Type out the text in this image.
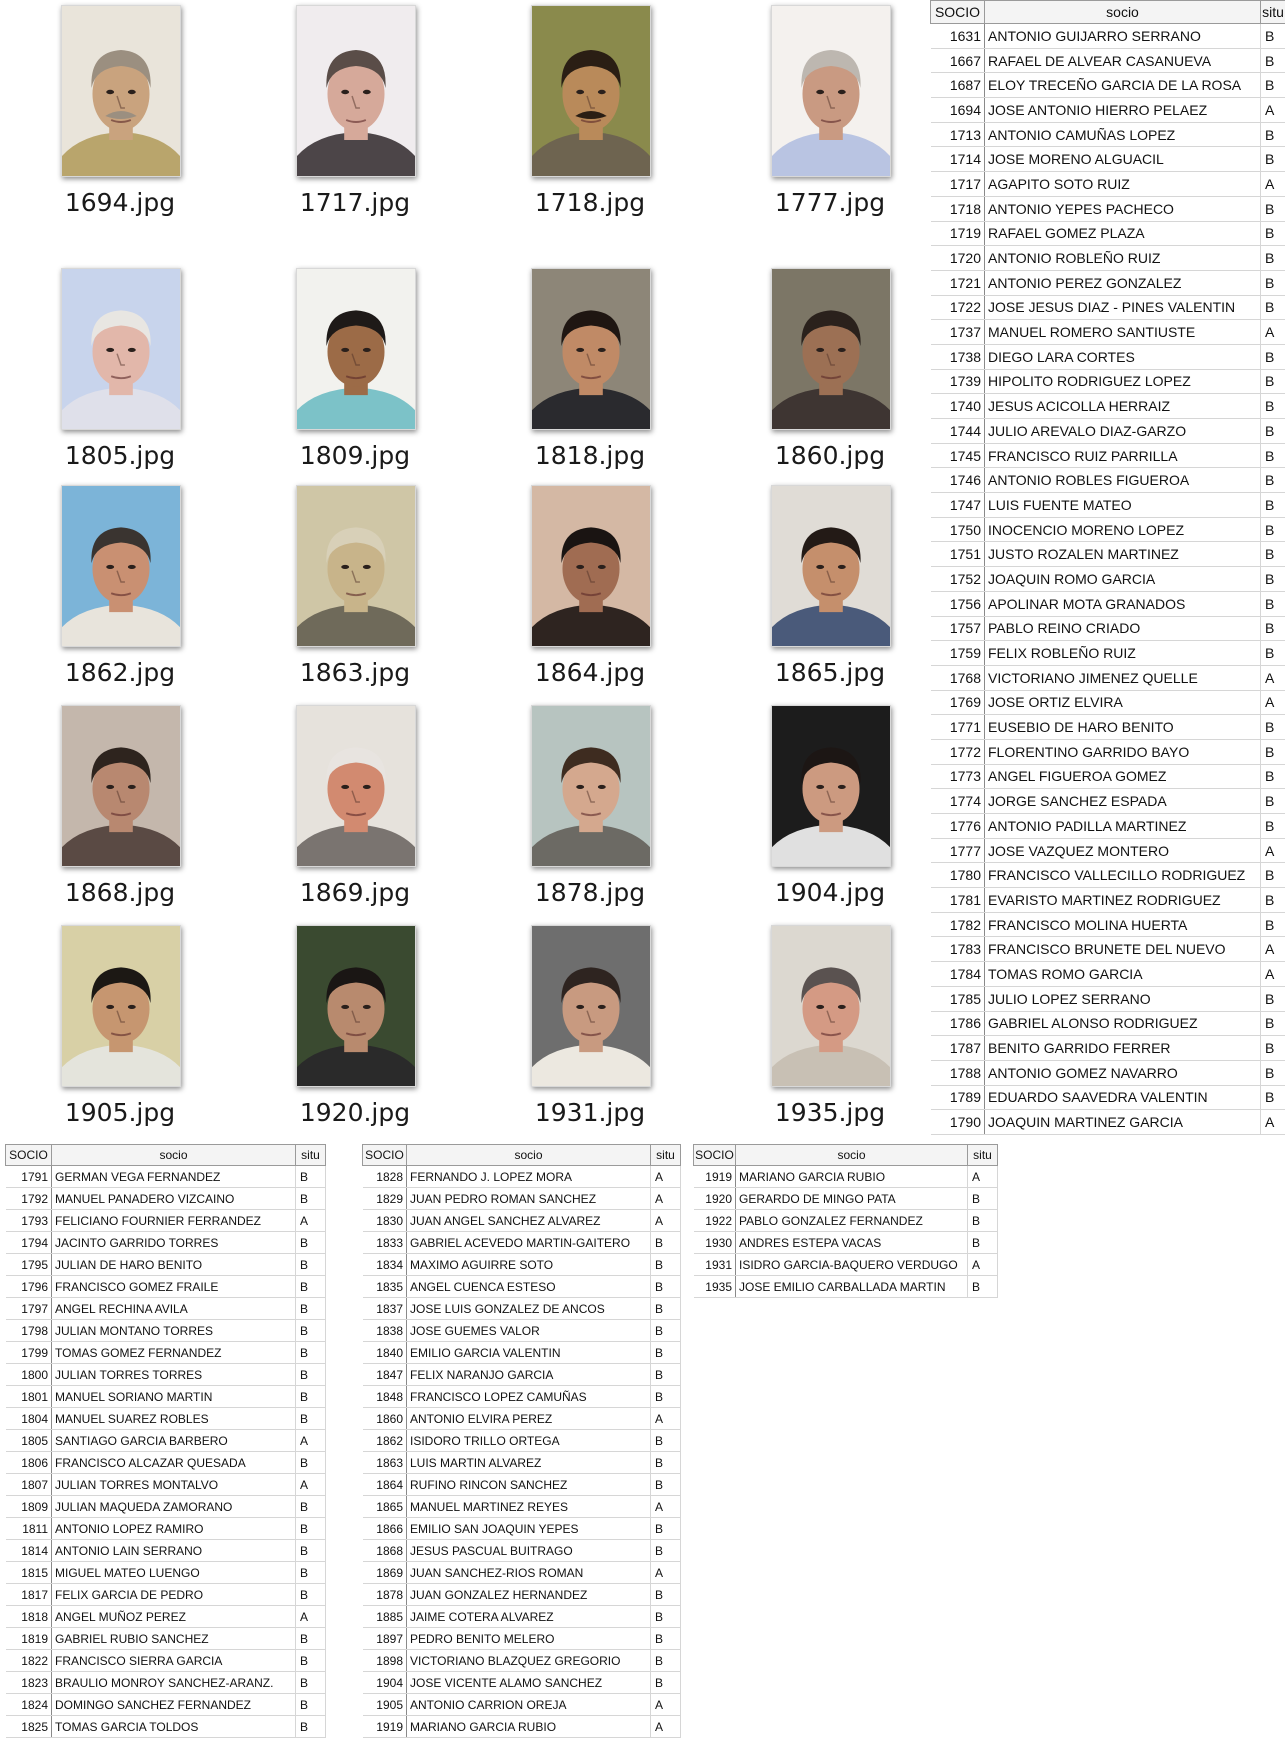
1694.jpg	1717.jpg	1718.jpg	1777.jpg
1805.jpg	1809.jpg	1818.jpg	1860.jpg
1862.jpg	1863.jpg	1864.jpg	1865.jpg
1868.jpg	1869.jpg	1878.jpg	1904.jpg
1905.jpg	1920.jpg	1931.jpg	1935.jpg
SOCIO	socio	situ
1631	ANTONIO GUIJARRO SERRANO	B
1667	RAFAEL DE ALVEAR CASANUEVA	B
1687	ELOY TRECEÑO GARCIA DE LA ROSA	B
1694	JOSE ANTONIO HIERRO PELAEZ	A
1713	ANTONIO CAMUÑAS LOPEZ	B
1714	JOSE MORENO ALGUACIL	B
1717	AGAPITO SOTO RUIZ	A
1718	ANTONIO YEPES PACHECO	B
1719	RAFAEL GOMEZ PLAZA	B
1720	ANTONIO ROBLEÑO RUIZ	B
1721	ANTONIO PEREZ GONZALEZ	B
1722	JOSE JESUS DIAZ - PINES VALENTIN	B
1737	MANUEL ROMERO SANTIUSTE	A
1738	DIEGO LARA CORTES	B
1739	HIPOLITO RODRIGUEZ LOPEZ	B
1740	JESUS ACICOLLA HERRAIZ	B
1744	JULIO AREVALO DIAZ-GARZO	B
1745	FRANCISCO RUIZ PARRILLA	B
1746	ANTONIO ROBLES FIGUEROA	B
1747	LUIS FUENTE MATEO	B
1750	INOCENCIO MORENO LOPEZ	B
1751	JUSTO ROZALEN MARTINEZ	B
1752	JOAQUIN ROMO GARCIA	B
1756	APOLINAR MOTA GRANADOS	B
1757	PABLO REINO CRIADO	B
1759	FELIX ROBLEÑO RUIZ	B
1768	VICTORIANO JIMENEZ QUELLE	A
1769	JOSE ORTIZ ELVIRA	A
1771	EUSEBIO DE HARO BENITO	B
1772	FLORENTINO GARRIDO BAYO	B
1773	ANGEL FIGUEROA GOMEZ	B
1774	JORGE SANCHEZ ESPADA	B
1776	ANTONIO PADILLA MARTINEZ	B
1777	JOSE VAZQUEZ MONTERO	A
1780	FRANCISCO VALLECILLO RODRIGUEZ	B
1781	EVARISTO MARTINEZ RODRIGUEZ	B
1782	FRANCISCO MOLINA HUERTA	B
1783	FRANCISCO BRUNETE DEL NUEVO	A
1784	TOMAS ROMO GARCIA	A
1785	JULIO LOPEZ SERRANO	B
1786	GABRIEL ALONSO RODRIGUEZ	B
1787	BENITO GARRIDO FERRER	B
1788	ANTONIO GOMEZ NAVARRO	B
1789	EDUARDO SAAVEDRA VALENTIN	B
1790	JOAQUIN MARTINEZ GARCIA	A
SOCIO	socio	situ
1791	GERMAN VEGA FERNANDEZ	B
1792	MANUEL PANADERO VIZCAINO	B
1793	FELICIANO FOURNIER FERRANDEZ	A
1794	JACINTO GARRIDO TORRES	B
1795	JULIAN DE HARO BENITO	B
1796	FRANCISCO GOMEZ FRAILE	B
1797	ANGEL RECHINA AVILA	B
1798	JULIAN MONTANO TORRES	B
1799	TOMAS GOMEZ FERNANDEZ	B
1800	JULIAN TORRES TORRES	B
1801	MANUEL SORIANO MARTIN	B
1804	MANUEL SUAREZ ROBLES	B
1805	SANTIAGO GARCIA BARBERO	A
1806	FRANCISCO ALCAZAR QUESADA	B
1807	JULIAN TORRES MONTALVO	A
1809	JULIAN MAQUEDA ZAMORANO	B
1811	ANTONIO LOPEZ RAMIRO	B
1814	ANTONIO LAIN SERRANO	B
1815	MIGUEL MATEO LUENGO	B
1817	FELIX GARCIA DE PEDRO	B
1818	ANGEL MUÑOZ PEREZ	A
1819	GABRIEL RUBIO SANCHEZ	B
1822	FRANCISCO SIERRA GARCIA	B
1823	BRAULIO MONROY SANCHEZ-ARANZ.	B
1824	DOMINGO SANCHEZ FERNANDEZ	B
1825	TOMAS GARCIA TOLDOS	B
SOCIO	socio	situ
1828	FERNANDO J. LOPEZ MORA	A
1829	JUAN PEDRO ROMAN SANCHEZ	A
1830	JUAN ANGEL SANCHEZ ALVAREZ	A
1833	GABRIEL ACEVEDO MARTIN-GAITERO	B
1834	MAXIMO AGUIRRE SOTO	B
1835	ANGEL CUENCA ESTESO	B
1837	JOSE LUIS GONZALEZ DE ANCOS	B
1838	JOSE GUEMES VALOR	B
1840	EMILIO GARCIA VALENTIN	B
1847	FELIX NARANJO GARCIA	B
1848	FRANCISCO LOPEZ CAMUÑAS	B
1860	ANTONIO ELVIRA PEREZ	A
1862	ISIDORO TRILLO ORTEGA	B
1863	LUIS MARTIN ALVAREZ	B
1864	RUFINO RINCON SANCHEZ	B
1865	MANUEL MARTINEZ REYES	A
1866	EMILIO SAN JOAQUIN YEPES	B
1868	JESUS PASCUAL BUITRAGO	B
1869	JUAN SANCHEZ-RIOS ROMAN	A
1878	JUAN GONZALEZ HERNANDEZ	B
1885	JAIME COTERA ALVAREZ	B
1897	PEDRO BENITO MELERO	B
1898	VICTORIANO BLAZQUEZ GREGORIO	B
1904	JOSE VICENTE ALAMO SANCHEZ	B
1905	ANTONIO CARRION OREJA	A
1919	MARIANO GARCIA RUBIO	A
SOCIO	socio	situ
1919	MARIANO GARCIA RUBIO	A
1920	GERARDO DE MINGO PATA	B
1922	PABLO GONZALEZ FERNANDEZ	B
1930	ANDRES ESTEPA VACAS	B
1931	ISIDRO GARCIA-BAQUERO VERDUGO	A
1935	JOSE EMILIO CARBALLADA MARTIN	B
